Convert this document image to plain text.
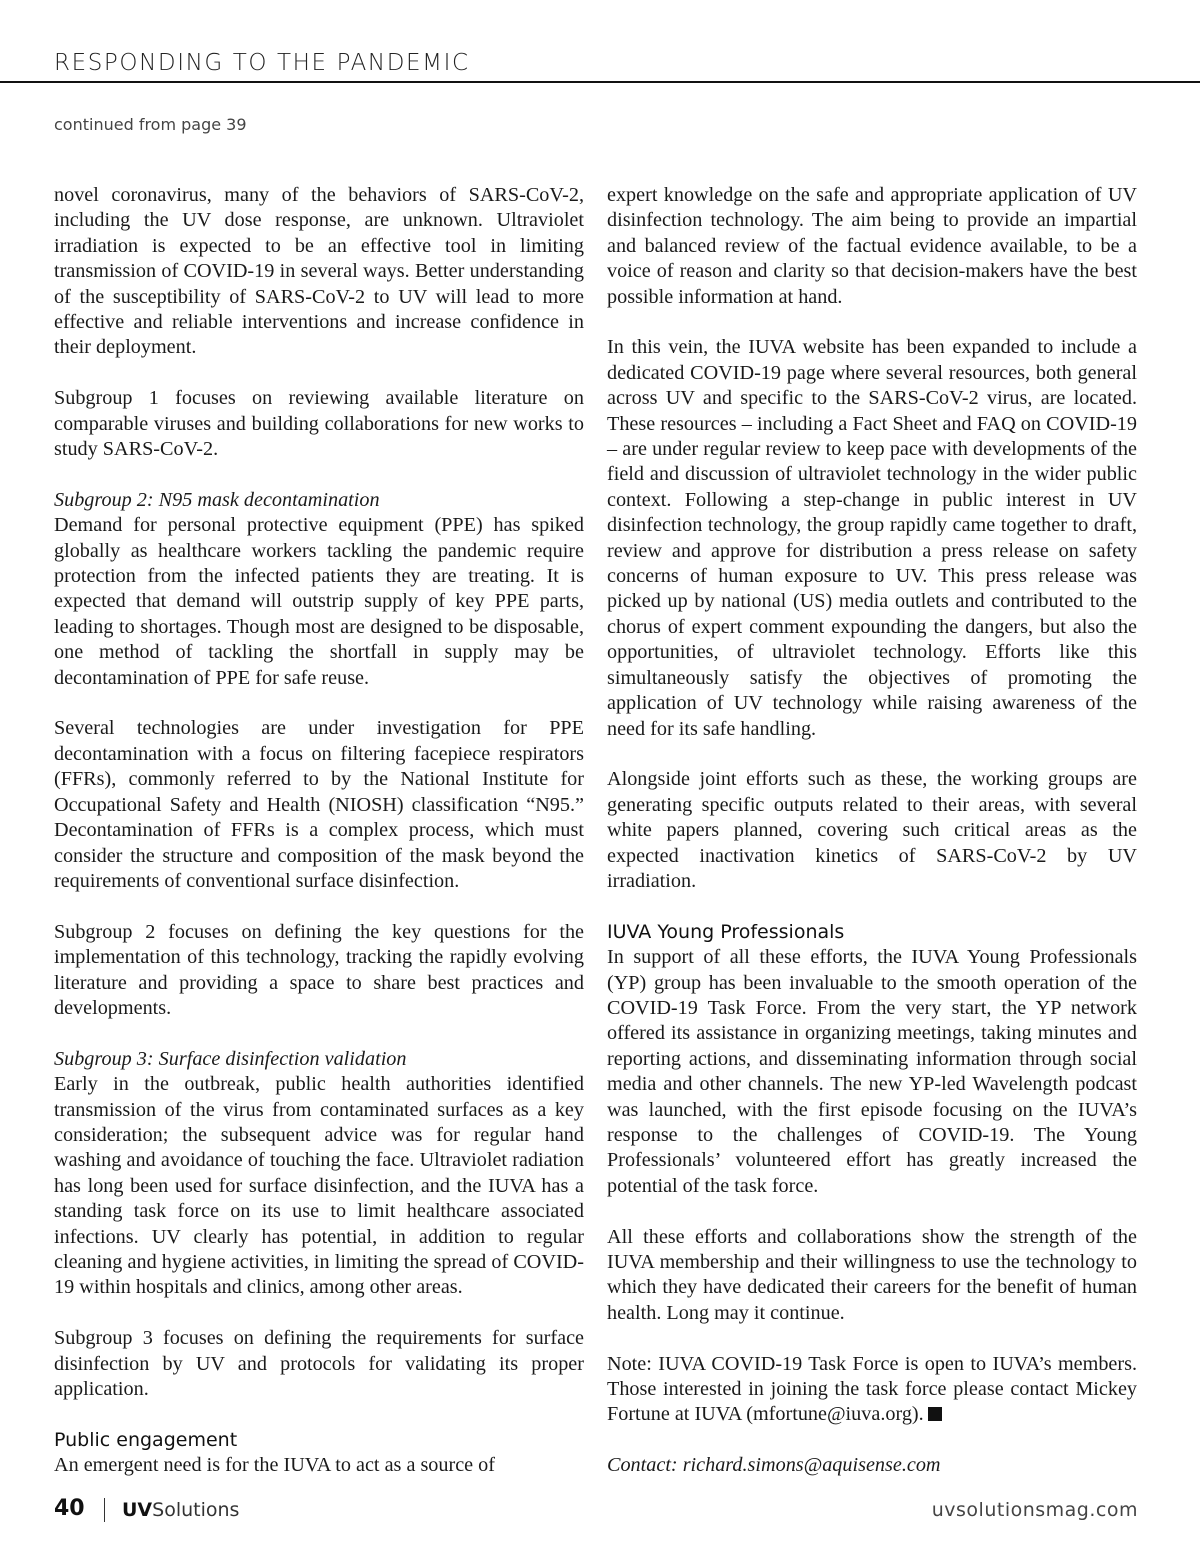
RESPONDING TO THE PANDEMIC
continued from page 39

novel coronavirus, many of the behaviors of SARS-CoV-2, including the UV dose response, are unknown. Ultraviolet irradiation is expected to be an effective tool in limiting transmission of COVID-19 in several ways. Better understanding of the susceptibility of SARS-CoV-2 to UV will lead to more effective and reliable interventions and increase confidence in their deployment.

Subgroup 1 focuses on reviewing available literature on comparable viruses and building collaborations for new works to study SARS-CoV-2.

Subgroup 2: N95 mask decontamination

Demand for personal protective equipment (PPE) has spiked globally as healthcare workers tackling the pandemic require protection from the infected patients they are treating. It is expected that demand will outstrip supply of key PPE parts, leading to shortages. Though most are designed to be disposable, one method of tackling the shortfall in supply may be decontamination of PPE for safe reuse.

Several technologies are under investigation for PPE decontamination with a focus on filtering facepiece respirators (FFRs), commonly referred to by the National Institute for Occupational Safety and Health (NIOSH) classification “N95.” Decontamination of FFRs is a complex process, which must consider the structure and composition of the mask beyond the requirements of conventional surface disinfection.

Subgroup 2 focuses on defining the key questions for the implementation of this technology, tracking the rapidly evolving literature and providing a space to share best practices and developments.

Subgroup 3: Surface disinfection validation

Early in the outbreak, public health authorities identified transmission of the virus from contaminated surfaces as a key consideration; the subsequent advice was for regular hand washing and avoidance of touching the face. Ultraviolet radiation has long been used for surface disinfection, and the IUVA has a standing task force on its use to limit healthcare associated infections. UV clearly has potential, in addition to regular cleaning and hygiene activities, in limiting the spread of COVID-19 within hospitals and clinics, among other areas.

Subgroup 3 focuses on defining the requirements for surface disinfection by UV and protocols for validating its proper application.

Public engagement

An emergent need is for the IUVA to act as a source of

expert knowledge on the safe and appropriate application of UV disinfection technology. The aim being to provide an impartial and balanced review of the factual evidence available, to be a voice of reason and clarity so that decision-makers have the best possible information at hand.

In this vein, the IUVA website has been expanded to include a dedicated COVID-19 page where several resources, both general across UV and specific to the SARS-CoV-2 virus, are located. These resources – including a Fact Sheet and FAQ on COVID-19 – are under regular review to keep pace with developments of the field and discussion of ultraviolet technology in the wider public context. Following a step-change in public interest in UV disinfection technology, the group rapidly came together to draft, review and approve for distribution a press release on safety concerns of human exposure to UV. This press release was picked up by national (US) media outlets and contributed to the chorus of expert comment expounding the dangers, but also the opportunities, of ultraviolet technology. Efforts like this simultaneously satisfy the objectives of promoting the application of UV technology while raising awareness of the need for its safe handling.

Alongside joint efforts such as these, the working groups are generating specific outputs related to their areas, with several white papers planned, covering such critical areas as the expected inactivation kinetics of SARS-CoV-2 by UV irradiation.

IUVA Young Professionals

In support of all these efforts, the IUVA Young Professionals (YP) group has been invaluable to the smooth operation of the COVID-19 Task Force. From the very start, the YP network offered its assistance in organizing meetings, taking minutes and reporting actions, and disseminating information through social media and other channels. The new YP-led Wavelength podcast was launched, with the first episode focusing on the IUVA’s response to the challenges of COVID-19. The Young Professionals’ volunteered effort has greatly increased the potential of the task force.

All these efforts and collaborations show the strength of the IUVA membership and their willingness to use the technology to which they have dedicated their careers for the benefit of human health. Long may it continue.

Note: IUVA COVID-19 Task Force is open to IUVA’s members. Those interested in joining the task force please contact Mickey Fortune at IUVA (mfortune@iuva.org).

Contact: richard.simons@aquisense.com

40 UVSolutions	uvsolutionsmag.com
